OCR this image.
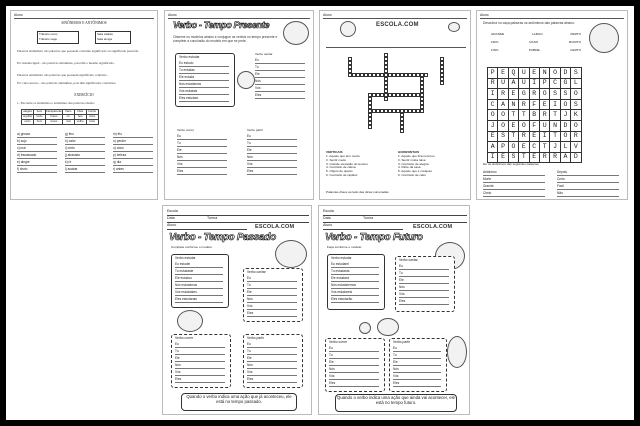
Aluno
SINÔNIMOS E ANTÔNIMOS
Trânsito carro
Trânsito vago
Sala calada
Sala amiga
Palavras sinônimas: são palavras que possuem o mesmo significado ou significado parecido.
Ex: mesmo/igual - são palavras sinônimas, pois têm o mesmo significado.
Palavras antônimas: são palavras que possuem significado contrário.
Ex: claro/escuro - são palavras antônimas, pois têm significados contrários.
EXERCÍCIO
1- Encontre os sinônimos e antônimos das palavras abaixo:
alegria	bem	transparente	fraco	triste	bonito
orgulho	lindo	bravo	rio	feio	claro
certo	bom	tenso	mal	velho	forte
a) grosso
b) sujo
c) mal
d) fracassado
e) alegre
f) cheio
g) fino
h) calor
i) certo
j) atrasado
k) rir
l) acabar
m) frio
n) perder
o) claro
p) beleza
q) dia
r) antes
Aluno
Verbo - Tempo Presente
Observe os modelos abaixo e conjugue os verbos no tempo presente e complete a conclusão do modelo em que se pede.
Verbo estudar
Eu estudo
Tu estudas
Ele estuda
Nós estudamos
Vós estudais
Eles estudam
Verbo cantar
Eu
Tu
Ele
Nós
Vós
Eles
Verbo correr
Eu
Tu
Ele
Nós
Vós
Eles
Verbo partir
Eu
Tu
Ele
Nós
Vós
Eles
Aluno
ESCOLA.COM
VERTICAIS
1. Aquele que tem medo
2. Sentir medo
3. Grande elevação do terreno
4. Contrário de calma
5. Objeto de quarto
6. Contrário de rapidez
HORIZONTAIS
1. Aquele que fica nervoso
2. Sentir muita raiva
3. Contrário de alegria
4. Parte da casa
5. Aquele que é corajoso
6. Contrário de calor
Palavras-chave ao lado das dicas numeradas.
Aluno
Descubra no caça-palavras os antônimos das palavras abaixo:
GRANDE	LARGO	PERTO
FRIO	RASO	BONITO
FINO	POBRE	CERTO
P	E	Q	U	E	N	O	D	S
R	U	A	U	I	P	C	G	L
I	R	E	G	R	O	S	S	O
C	A	N	R	F	E	I	O	S
O	O	T	T	B	R	T	J	K
J	O	E	O	F	U	N	D	O
E	S	T	R	E	I	T	O	R
A	P	O	E	C	T	J	L	V
I	E	S	T	E	R	R	A	D
Dê os sinônimos das seguintes palavras:
Antônimo
Morte
Grande
Cheio
Depois
Cedo
Fácil
Não
Escola
Data	Turma
Aluno	ESCOLA.COM
Verbo - Tempo Passado
Complete conforme o modelo:
Verbo estudar
Eu estudei
Tu estudaste
Ele estudou
Nós estudamos
Vós estudastes
Eles estudaram
Verbo cantar
Eu
Tu
Ele
Nós
Vós
Eles
Verbo correr
Eu
Tu
Ele
Nós
Vós
Eles
Verbo partir
Eu
Tu
Ele
Nós
Vós
Eles
Quando o verbo indica uma ação que já aconteceu, ele está no tempo passado.
Escola
Data	Turma
Aluno	ESCOLA.COM
Verbo - Tempo Futuro
Faça conforme o modelo:
Verbo estudar
Eu estudarei
Tu estudarás
Ele estudará
Nós estudaremos
Vós estudareis
Eles estudarão
Verbo cantar
Eu
Tu
Ele
Nós
Vós
Eles
Verbo correr
Eu
Tu
Ele
Nós
Vós
Eles
Verbo partir
Eu
Tu
Ele
Nós
Vós
Eles
Quando o verbo indica uma ação que ainda vai acontecer, ele está no tempo futuro.
